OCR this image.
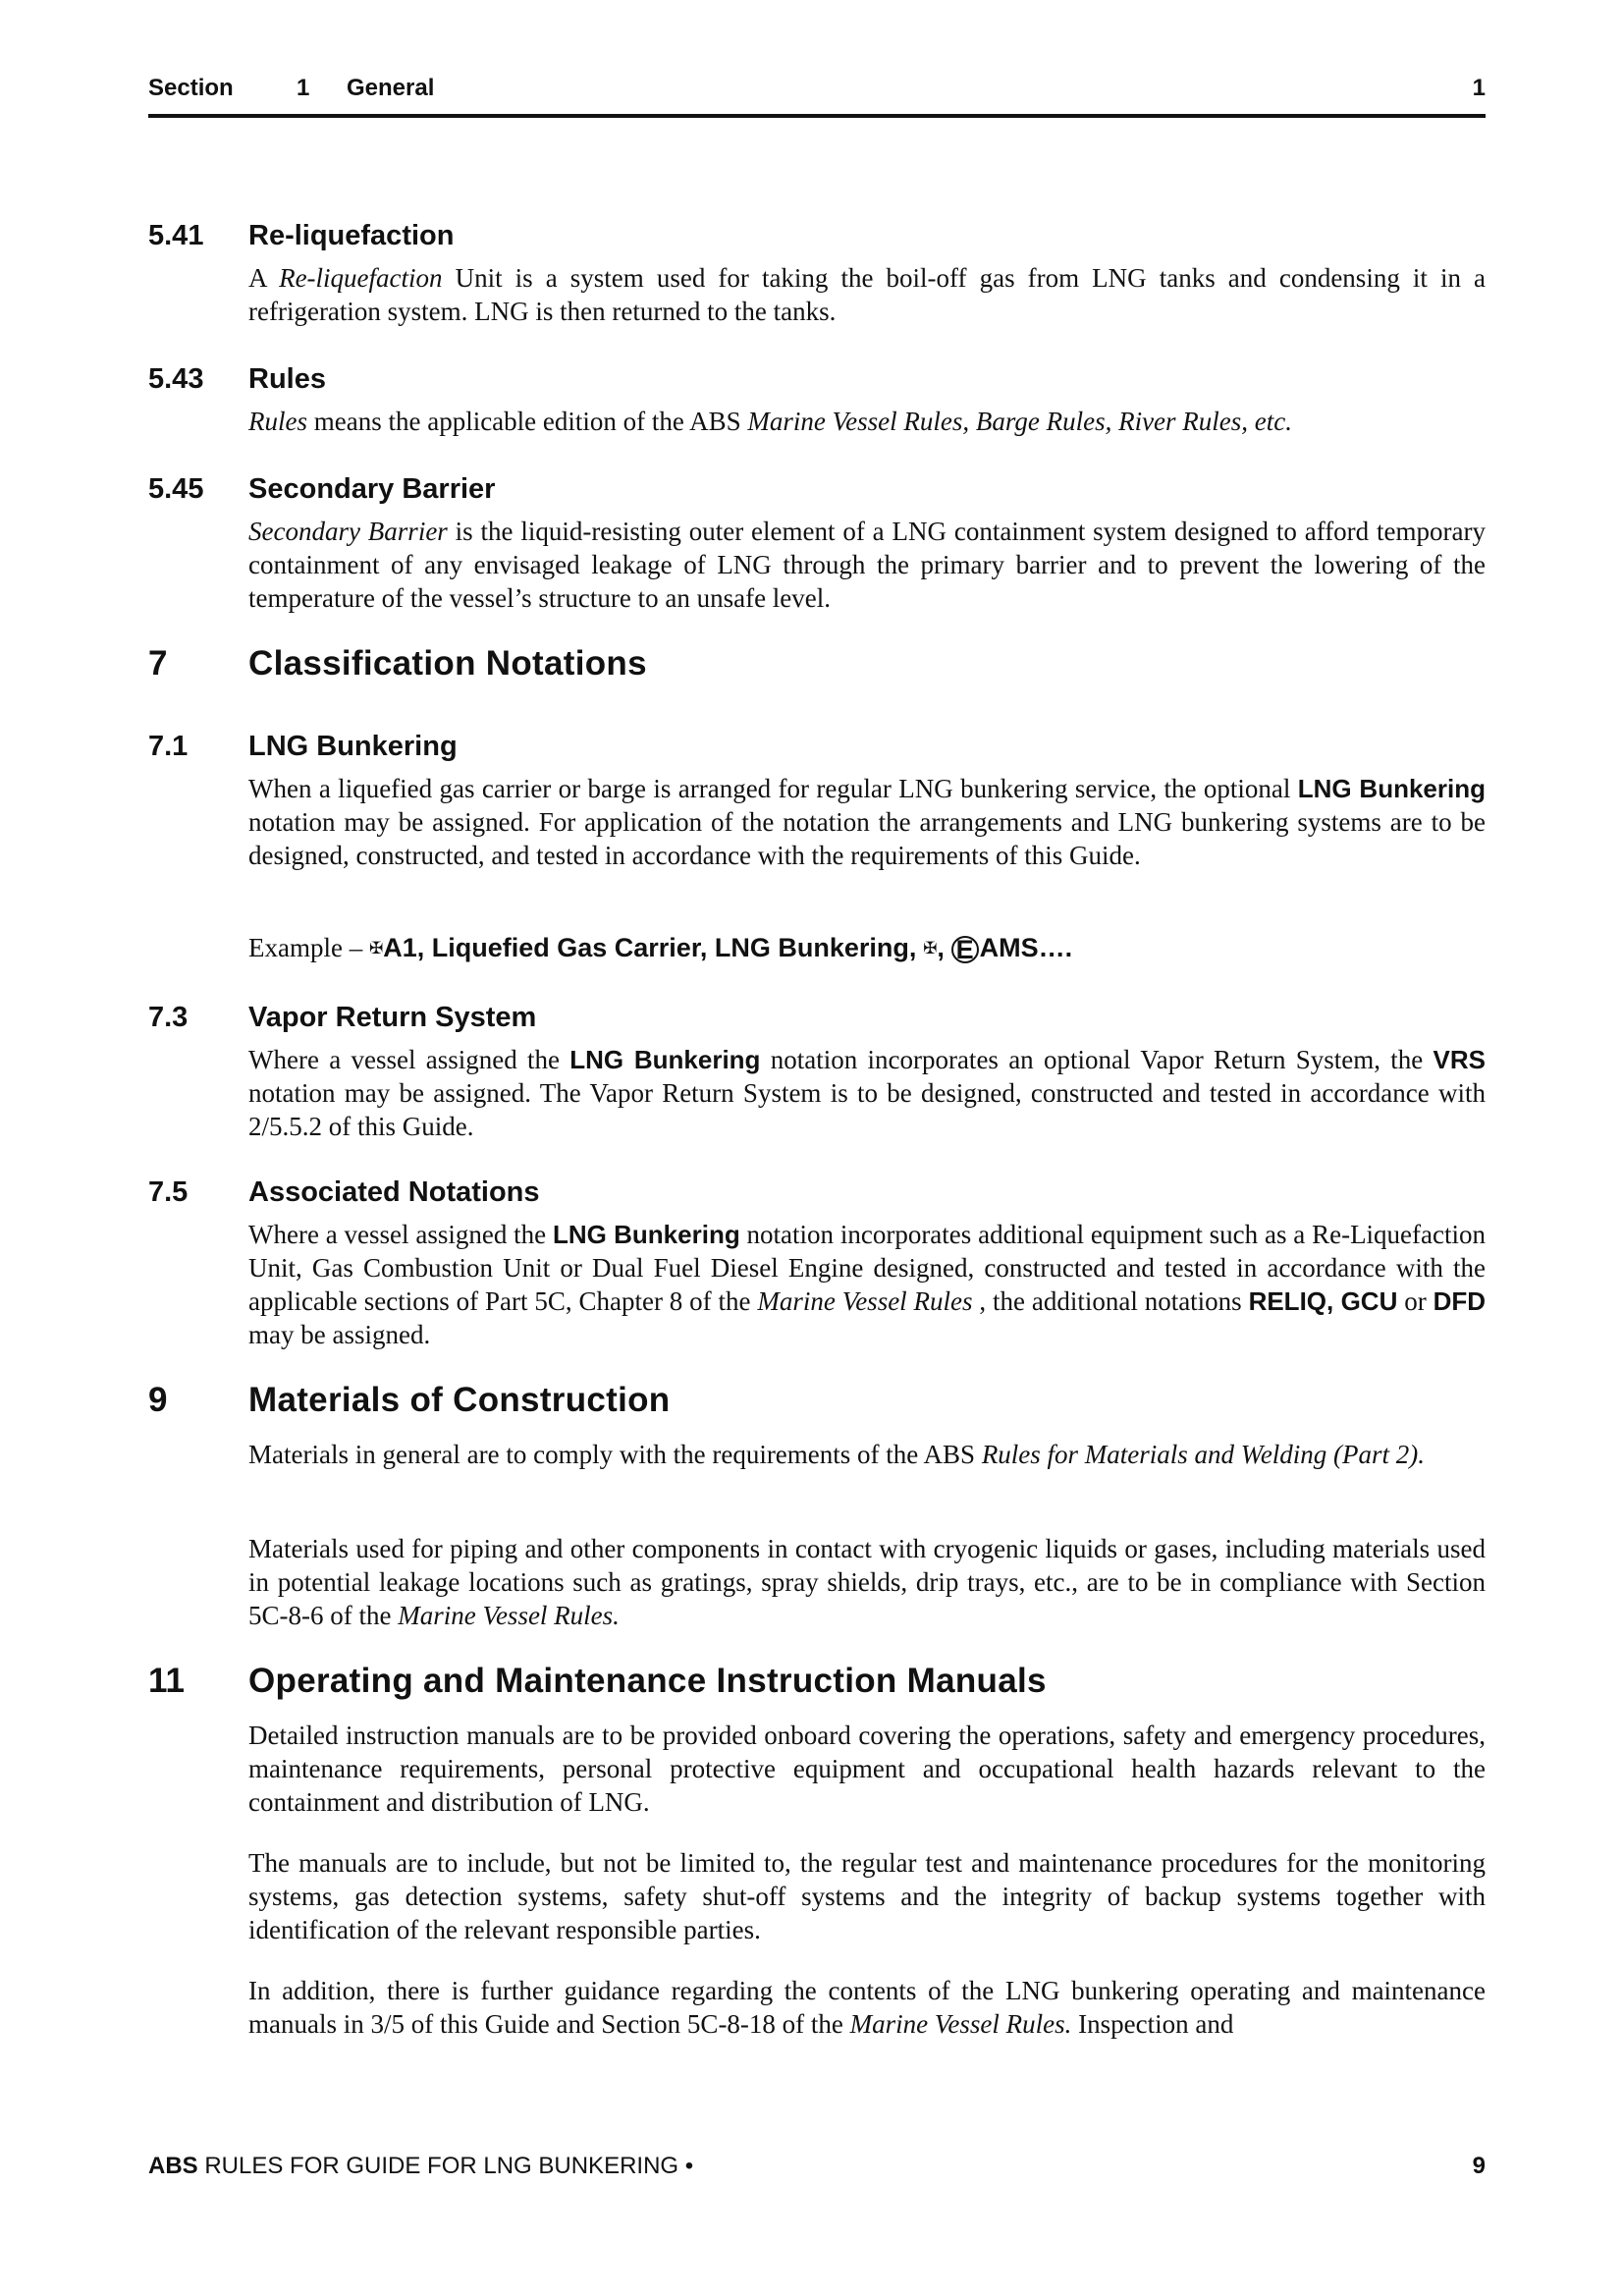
Section	1 General	1
5.41 Re-liquefaction
A Re-liquefaction Unit is a system used for taking the boil-off gas from LNG tanks and condensing it in a refrigeration system. LNG is then returned to the tanks.
5.43 Rules
Rules means the applicable edition of the ABS Marine Vessel Rules, Barge Rules, River Rules, etc.
5.45 Secondary Barrier
Secondary Barrier is the liquid-resisting outer element of a LNG containment system designed to afford temporary containment of any envisaged leakage of LNG through the primary barrier and to prevent the lowering of the temperature of the vessel’s structure to an unsafe level.
7 Classification Notations
7.1 LNG Bunkering
When a liquefied gas carrier or barge is arranged for regular LNG bunkering service, the optional LNG Bunkering notation may be assigned. For application of the notation the arrangements and LNG bunkering systems are to be designed, constructed, and tested in accordance with the requirements of this Guide.
Example – ✠A1, Liquefied Gas Carrier, LNG Bunkering, ✠, E AMS….
7.3 Vapor Return System
Where a vessel assigned the LNG Bunkering notation incorporates an optional Vapor Return System, the VRS notation may be assigned. The Vapor Return System is to be designed, constructed and tested in accordance with 2/5.5.2 of this Guide.
7.5 Associated Notations
Where a vessel assigned the LNG Bunkering notation incorporates additional equipment such as a Re-Liquefaction Unit, Gas Combustion Unit or Dual Fuel Diesel Engine designed, constructed and tested in accordance with the applicable sections of Part 5C, Chapter 8 of the Marine Vessel Rules , the additional notations RELIQ, GCU or DFD may be assigned.
9 Materials of Construction
Materials in general are to comply with the requirements of the ABS Rules for Materials and Welding (Part 2).
Materials used for piping and other components in contact with cryogenic liquids or gases, including materials used in potential leakage locations such as gratings, spray shields, drip trays, etc., are to be in compliance with Section 5C-8-6 of the Marine Vessel Rules.
11 Operating and Maintenance Instruction Manuals
Detailed instruction manuals are to be provided onboard covering the operations, safety and emergency procedures, maintenance requirements, personal protective equipment and occupational health hazards relevant to the containment and distribution of LNG.
The manuals are to include, but not be limited to, the regular test and maintenance procedures for the monitoring systems, gas detection systems, safety shut-off systems and the integrity of backup systems together with identification of the relevant responsible parties.
In addition, there is further guidance regarding the contents of the LNG bunkering operating and maintenance manuals in 3/5 of this Guide and Section 5C-8-18 of the Marine Vessel Rules. Inspection and
ABS RULES FOR GUIDE FOR LNG BUNKERING •	9
